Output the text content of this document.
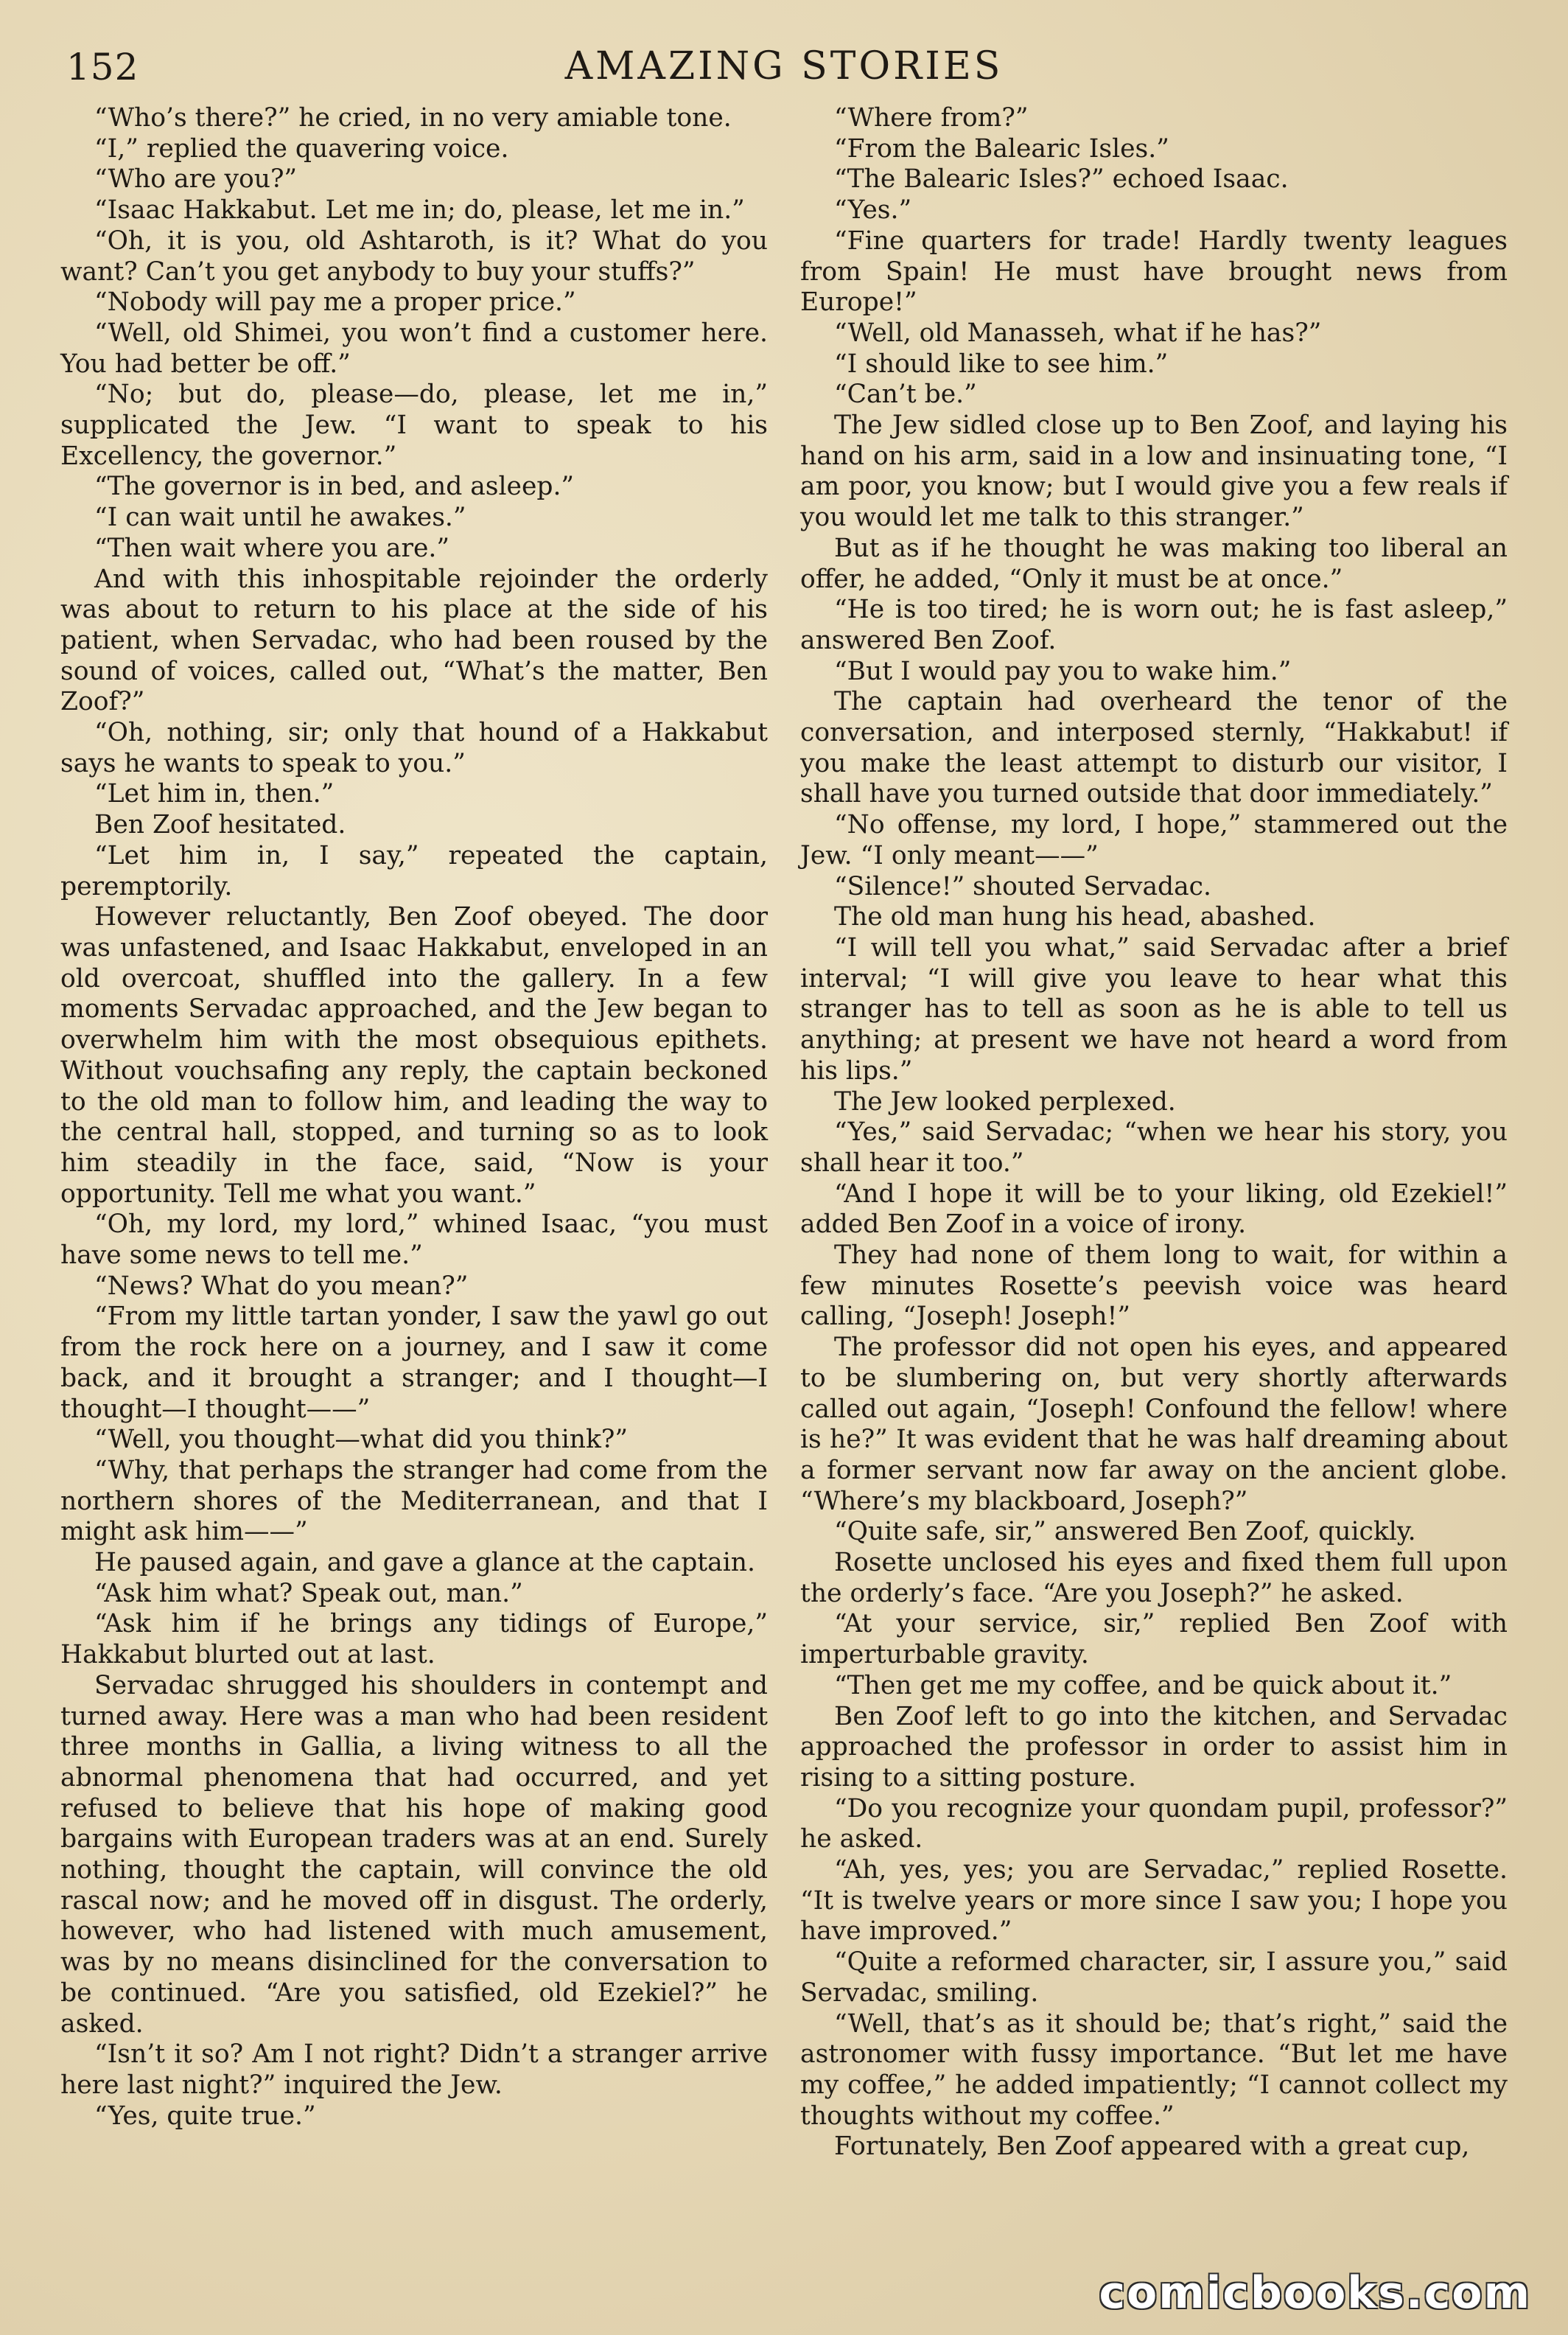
152	AMAZING STORIES

“Who’s there?” he cried, in no very amiable tone.

“I,” replied the quavering voice.

“Who are you?”

“Isaac Hakkabut. Let me in; do, please, let me in.”

“Oh, it is you, old Ashtaroth, is it? What do you want? Can’t you get anybody to buy your stuffs?”

“Nobody will pay me a proper price.”

“Well, old Shimei, you won’t find a customer here. You had better be off.”

“No; but do, please—do, please, let me in,” supplicated the Jew. “I want to speak to his Excellency, the governor.”

“The governor is in bed, and asleep.”

“I can wait until he awakes.”

“Then wait where you are.”

And with this inhospitable rejoinder the orderly was about to return to his place at the side of his patient, when Servadac, who had been roused by the sound of voices, called out, “What’s the matter, Ben Zoof?”

“Oh, nothing, sir; only that hound of a Hakkabut says he wants to speak to you.”

“Let him in, then.”

Ben Zoof hesitated.

“Let him in, I say,” repeated the captain, peremptorily.

However reluctantly, Ben Zoof obeyed. The door was unfastened, and Isaac Hakkabut, enveloped in an old overcoat, shuffled into the gallery. In a few moments Servadac approached, and the Jew began to overwhelm him with the most obsequious epithets. Without vouchsafing any reply, the captain beckoned to the old man to follow him, and leading the way to the central hall, stopped, and turning so as to look him steadily in the face, said, “Now is your opportunity. Tell me what you want.”

“Oh, my lord, my lord,” whined Isaac, “you must have some news to tell me.”

“News? What do you mean?”

“From my little tartan yonder, I saw the yawl go out from the rock here on a journey, and I saw it come back, and it brought a stranger; and I thought—I thought—I thought——”

“Well, you thought—what did you think?”

“Why, that perhaps the stranger had come from the northern shores of the Mediterranean, and that I might ask him——”

He paused again, and gave a glance at the captain.

“Ask him what? Speak out, man.”

“Ask him if he brings any tidings of Europe,” Hakkabut blurted out at last.

Servadac shrugged his shoulders in contempt and turned away. Here was a man who had been resident three months in Gallia, a living witness to all the abnormal phenomena that had occurred, and yet refused to believe that his hope of making good bargains with European traders was at an end. Surely nothing, thought the captain, will convince the old rascal now; and he moved off in disgust. The orderly, however, who had listened with much amusement, was by no means disinclined for the conversation to be continued. “Are you satisfied, old Ezekiel?” he asked.

“Isn’t it so? Am I not right? Didn’t a stranger arrive here last night?” inquired the Jew.

“Yes, quite true.”

“Where from?”

“From the Balearic Isles.”

“The Balearic Isles?” echoed Isaac.

“Yes.”

“Fine quarters for trade! Hardly twenty leagues from Spain! He must have brought news from Europe!”

“Well, old Manasseh, what if he has?”

“I should like to see him.”

“Can’t be.”

The Jew sidled close up to Ben Zoof, and laying his hand on his arm, said in a low and insinuating tone, “I am poor, you know; but I would give you a few reals if you would let me talk to this stranger.”

But as if he thought he was making too liberal an offer, he added, “Only it must be at once.”

“He is too tired; he is worn out; he is fast asleep,” answered Ben Zoof.

“But I would pay you to wake him.”

The captain had overheard the tenor of the conversation, and interposed sternly, “Hakkabut! if you make the least attempt to disturb our visitor, I shall have you turned outside that door immediately.”

“No offense, my lord, I hope,” stammered out the Jew. “I only meant——”

“Silence!” shouted Servadac.

The old man hung his head, abashed.

“I will tell you what,” said Servadac after a brief interval; “I will give you leave to hear what this stranger has to tell as soon as he is able to tell us anything; at present we have not heard a word from his lips.”

The Jew looked perplexed.

“Yes,” said Servadac; “when we hear his story, you shall hear it too.”

“And I hope it will be to your liking, old Ezekiel!” added Ben Zoof in a voice of irony.

They had none of them long to wait, for within a few minutes Rosette’s peevish voice was heard calling, “Joseph! Joseph!”

The professor did not open his eyes, and appeared to be slumbering on, but very shortly afterwards called out again, “Joseph! Confound the fellow! where is he?” It was evident that he was half dreaming about a former servant now far away on the ancient globe. “Where’s my blackboard, Joseph?”

“Quite safe, sir,” answered Ben Zoof, quickly.

Rosette unclosed his eyes and fixed them full upon the orderly’s face. “Are you Joseph?” he asked.

“At your service, sir,” replied Ben Zoof with imperturbable gravity.

“Then get me my coffee, and be quick about it.”

Ben Zoof left to go into the kitchen, and Servadac approached the professor in order to assist him in rising to a sitting posture.

“Do you recognize your quondam pupil, professor?” he asked.

“Ah, yes, yes; you are Servadac,” replied Rosette. “It is twelve years or more since I saw you; I hope you have improved.”

“Quite a reformed character, sir, I assure you,” said Servadac, smiling.

“Well, that’s as it should be; that’s right,” said the astronomer with fussy importance. “But let me have my coffee,” he added impatiently; “I cannot collect my thoughts without my coffee.”

Fortunately, Ben Zoof appeared with a great cup,

comicbooks.com
